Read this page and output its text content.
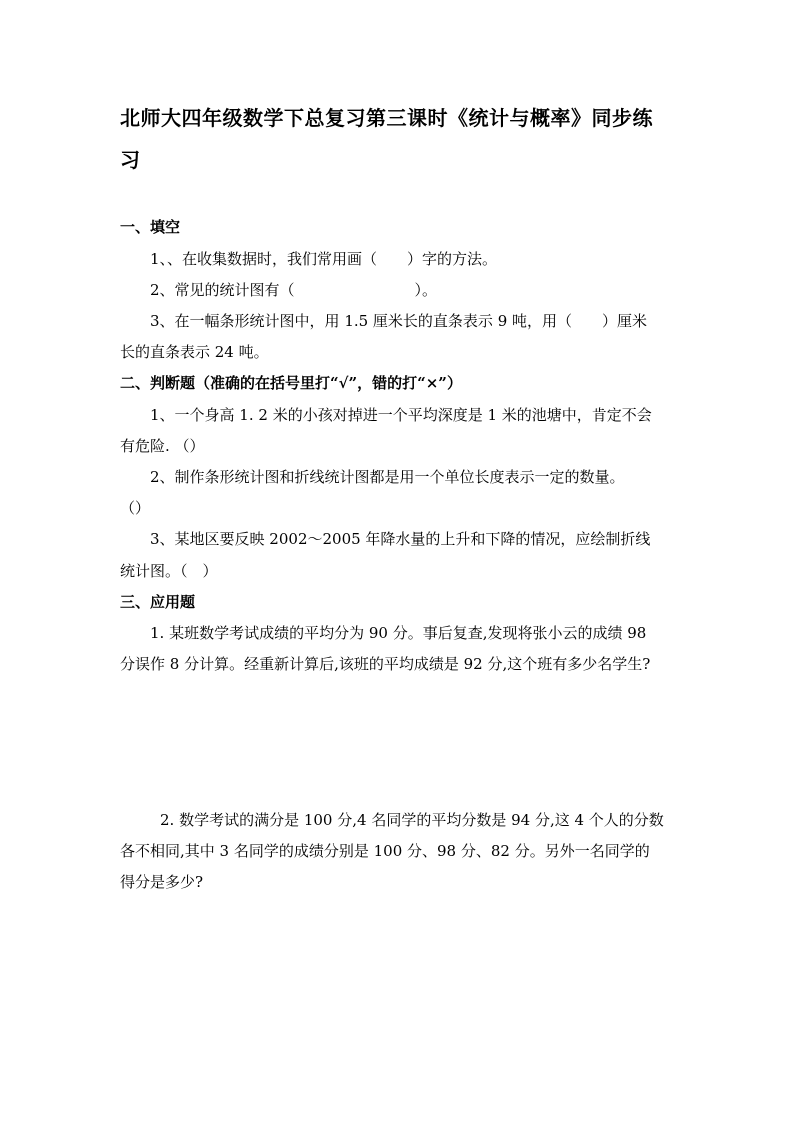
北师大四年级数学下总复习第三课时《统计与概率》同步练
习
一、填空
1、、在收集数据时，我们常用画（　　）字的方法。
2、常见的统计图有（　　　　　　　　）。
3、在一幅条形统计图中，用 1.5 厘米长的直条表示 9 吨，用（　　）厘米
长的直条表示 24 吨。
二、判断题（准确的在括号里打“√”，错的打“×”）
1、一个身高 1. 2 米的小孩对掉进一个平均深度是 1 米的池塘中，肯定不会
有危险. （）
2、制作条形统计图和折线统计图都是用一个单位长度表示一定的数量。
（）
3、某地区要反映 2002～2005 年降水量的上升和下降的情况，应绘制折线
统计图。（　）
三、应用题
1. 某班数学考试成绩的平均分为 90 分。事后复查,发现将张小云的成绩 98
分误作 8 分计算。经重新计算后,该班的平均成绩是 92 分,这个班有多少名学生?
2. 数学考试的满分是 100 分,4 名同学的平均分数是 94 分,这 4 个人的分数
各不相同,其中 3 名同学的成绩分别是 100 分、98 分、82 分。另外一名同学的
得分是多少?
